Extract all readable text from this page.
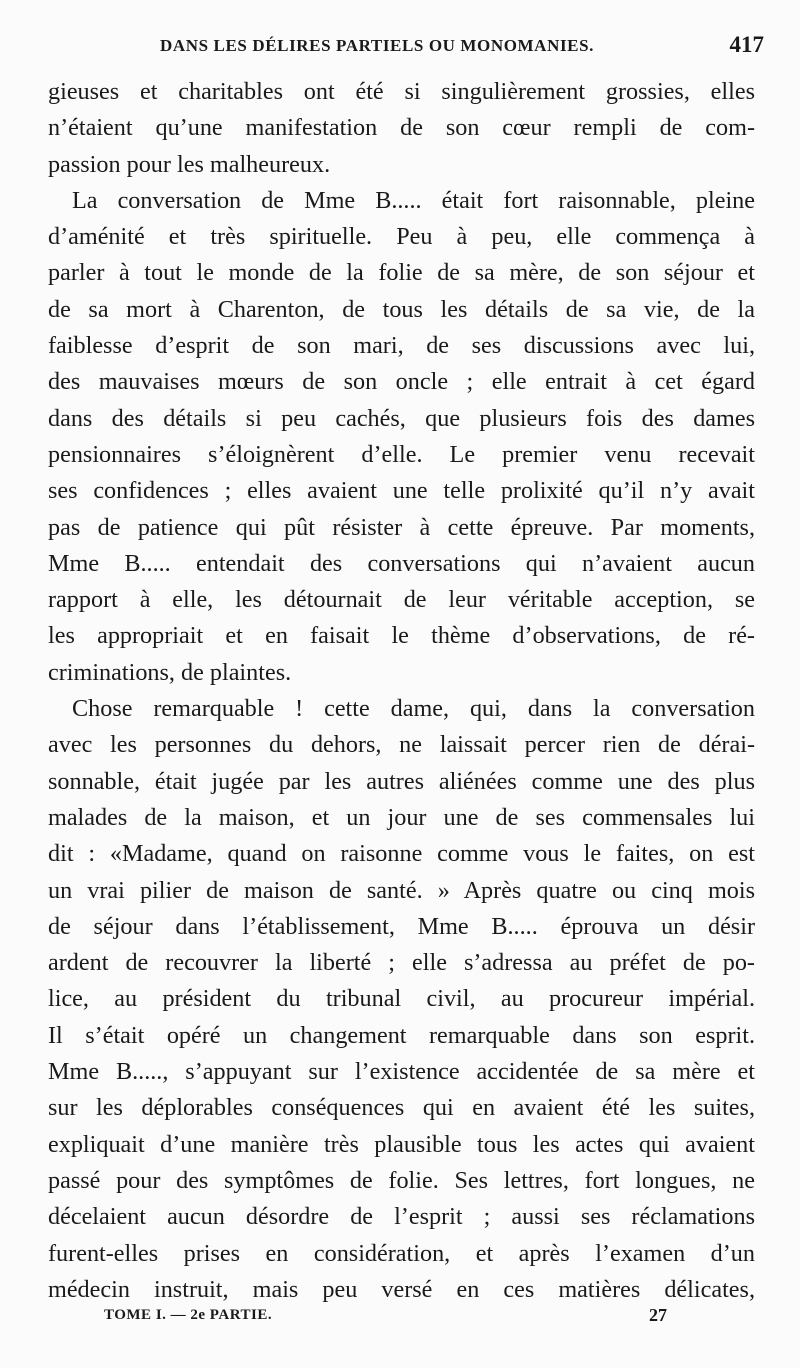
DANS LES DÉLIRES PARTIELS OU MONOMANIES.	417
gieuses et charitables ont été si singulièrement grossies, elles
n’étaient qu’une manifestation de son cœur rempli de com-
passion pour les malheureux.
La conversation de Mme B..... était fort raisonnable, pleine
d’aménité et très spirituelle. Peu à peu, elle commença à
parler à tout le monde de la folie de sa mère, de son séjour et
de sa mort à Charenton, de tous les détails de sa vie, de la
faiblesse d’esprit de son mari, de ses discussions avec lui,
des mauvaises mœurs de son oncle ; elle entrait à cet égard
dans des détails si peu cachés, que plusieurs fois des dames
pensionnaires s’éloignèrent d’elle. Le premier venu recevait
ses confidences ; elles avaient une telle prolixité qu’il n’y avait
pas de patience qui pût résister à cette épreuve. Par moments,
Mme B..... entendait des conversations qui n’avaient aucun
rapport à elle, les détournait de leur véritable acception, se
les appropriait et en faisait le thème d’observations, de ré-
criminations, de plaintes.
Chose remarquable ! cette dame, qui, dans la conversation
avec les personnes du dehors, ne laissait percer rien de dérai-
sonnable, était jugée par les autres aliénées comme une des plus
malades de la maison, et un jour une de ses commensales lui
dit : «Madame, quand on raisonne comme vous le faites, on est
un vrai pilier de maison de santé. » Après quatre ou cinq mois
de séjour dans l’établissement, Mme B..... éprouva un désir
ardent de recouvrer la liberté ; elle s’adressa au préfet de po-
lice, au président du tribunal civil, au procureur impérial.
Il s’était opéré un changement remarquable dans son esprit.
Mme B....., s’appuyant sur l’existence accidentée de sa mère et
sur les déplorables conséquences qui en avaient été les suites,
expliquait d’une manière très plausible tous les actes qui avaient
passé pour des symptômes de folie. Ses lettres, fort longues, ne
décelaient aucun désordre de l’esprit ; aussi ses réclamations
furent-elles prises en considération, et après l’examen d’un
médecin instruit, mais peu versé en ces matières délicates,
TOME I. — 2e PARTIE.	27
